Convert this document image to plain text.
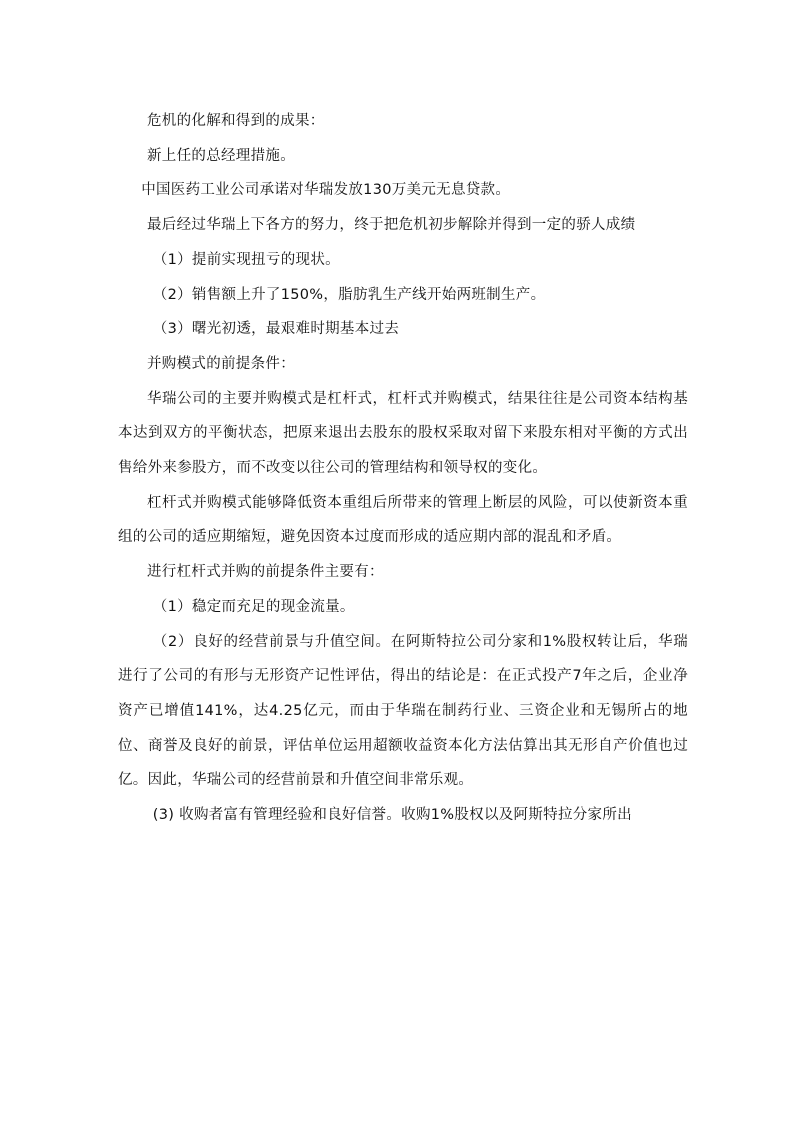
危机的化解和得到的成果：

新上任的总经理措施。

中国医药工业公司承诺对华瑞发放130万美元无息贷款。

最后经过华瑞上下各方的努力，终于把危机初步解除并得到一定的骄人成绩

（1）提前实现扭亏的现状。

（2）销售额上升了150%，脂肪乳生产线开始两班制生产。

（3）曙光初透，最艰难时期基本过去

并购模式的前提条件：

华瑞公司的主要并购模式是杠杆式，杠杆式并购模式，结果往往是公司资本结构基本达到双方的平衡状态，把原来退出去股东的股权采取对留下来股东相对平衡的方式出售给外来参股方，而不改变以往公司的管理结构和领导权的变化。

杠杆式并购模式能够降低资本重组后所带来的管理上断层的风险，可以使新资本重组的公司的适应期缩短，避免因资本过度而形成的适应期内部的混乱和矛盾。

进行杠杆式并购的前提条件主要有：

（1）稳定而充足的现金流量。

（2）良好的经营前景与升值空间。在阿斯特拉公司分家和1%股权转让后，华瑞进行了公司的有形与无形资产记性评估，得出的结论是：在正式投产7年之后，企业净资产已增值141%，达4.25亿元，而由于华瑞在制药行业、三资企业和无锡所占的地位、商誉及良好的前景，评估单位运用超额收益资本化方法估算出其无形自产价值也过亿。因此，华瑞公司的经营前景和升值空间非常乐观。

(3) 收购者富有管理经验和良好信誉。收购1%股权以及阿斯特拉分家所出
